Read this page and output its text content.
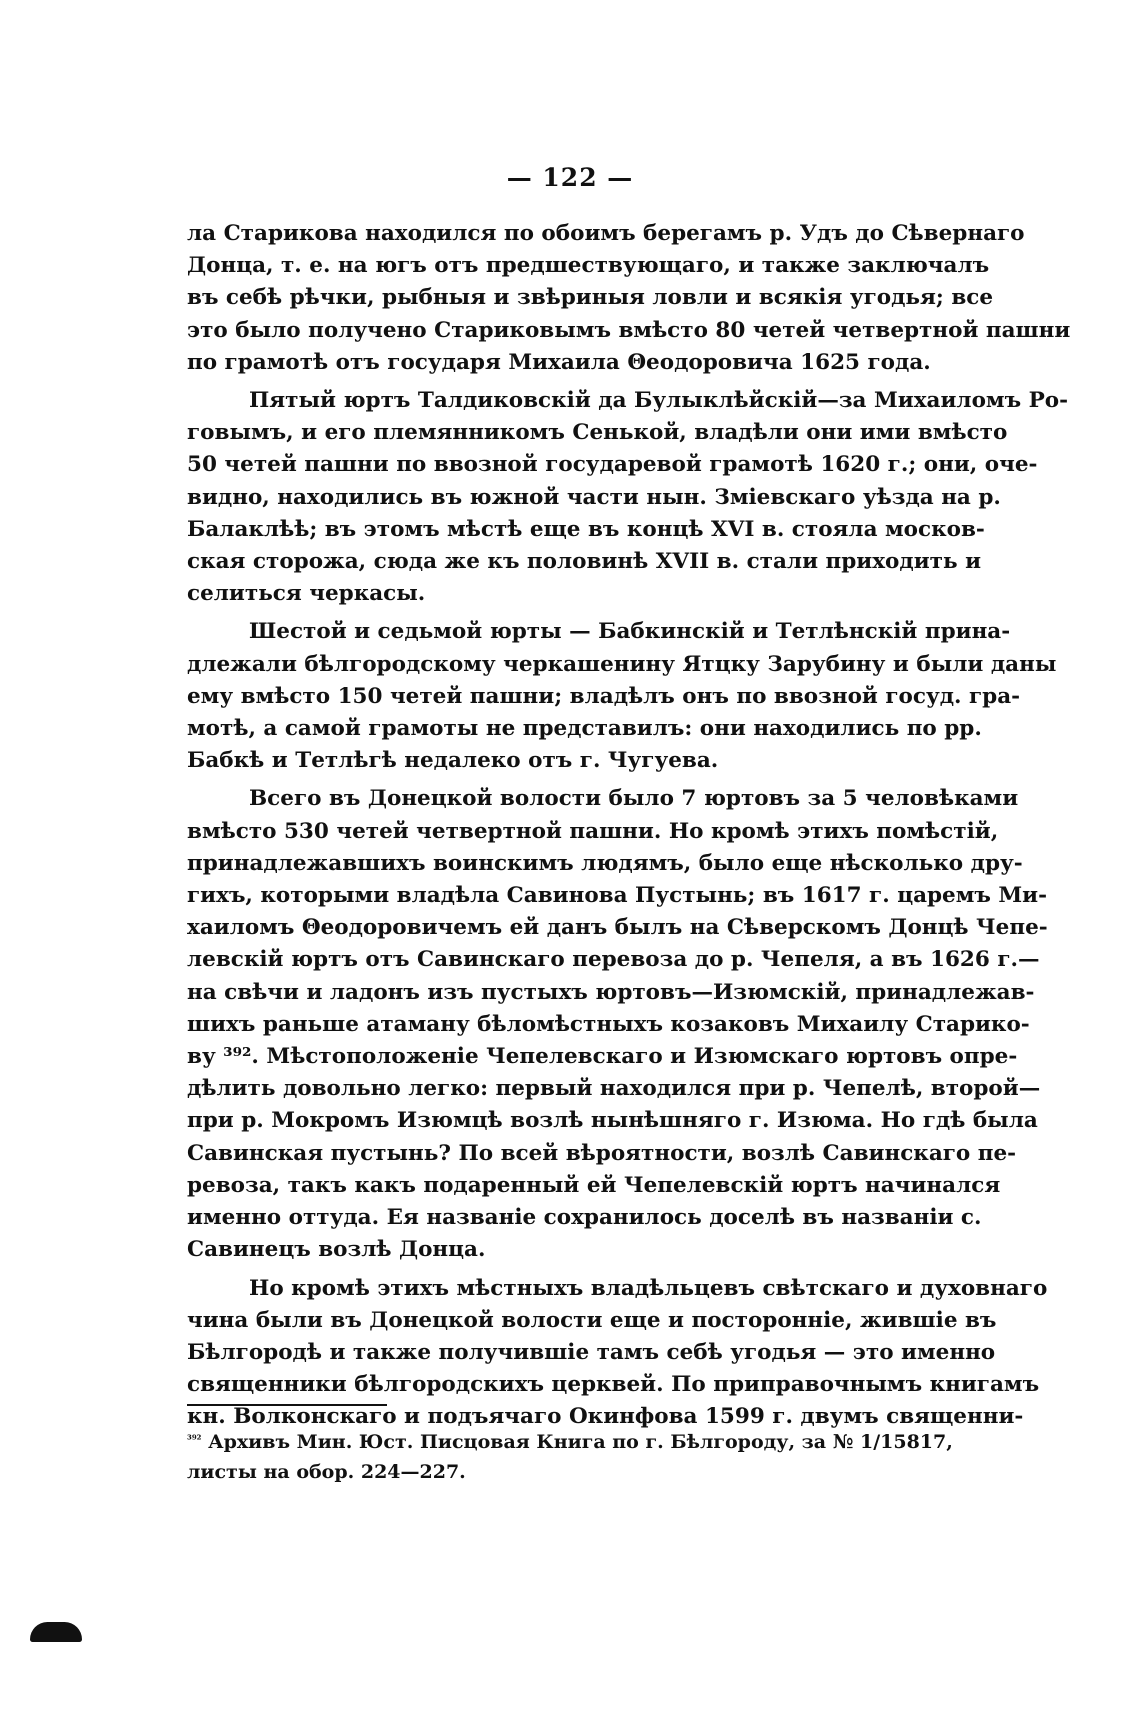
— 122 —
ла Старикова находился по обоимъ берегамъ р. Удъ до Сѣвернаго
Донца, т. е. на югъ отъ предшествующаго, и также заключалъ
въ себѣ рѣчки, рыбныя и звѣриныя ловли и всякія угодья; все
это было получено Стариковымъ вмѣсто 80 четей четвертной пашни
по грамотѣ отъ государя Михаила Θеодоровича 1625 года.
Пятый юртъ Талдиковскій да Булыклѣйскій—за Михаиломъ Ро-
говымъ, и его племянникомъ Сенькой, владѣли они ими вмѣсто
50 четей пашни по ввозной государевой грамотѣ 1620 г.; они, оче-
видно, находились въ южной части нын. Зміевскаго уѣзда на р.
Балаклѣѣ; въ этомъ мѣстѣ еще въ концѣ XVI в. стояла москов-
ская сторожа, сюда же къ половинѣ XVII в. стали приходить и
селиться черкасы.
Шестой и седьмой юрты — Бабкинскій и Тетлѣнскій прина-
длежали бѣлгородскому черкашенину Ятцку Зарубину и были даны
ему вмѣсто 150 четей пашни; владѣлъ онъ по ввозной госуд. гра-
мотѣ, а самой грамоты не представилъ: они находились по рр.
Бабкѣ и Тетлѣгѣ недалеко отъ г. Чугуева.
Всего въ Донецкой волости было 7 юртовъ за 5 человѣками
вмѣсто 530 четей четвертной пашни. Но кромѣ этихъ помѣстій,
принадлежавшихъ воинскимъ людямъ, было еще нѣсколько дру-
гихъ, которыми владѣла Савинова Пустынь; въ 1617 г. царемъ Ми-
хаиломъ Θеодоровичемъ ей данъ былъ на Сѣверскомъ Донцѣ Чепе-
левскій юртъ отъ Савинскаго перевоза до р. Чепеля, а въ 1626 г.—
на свѣчи и ладонъ изъ пустыхъ юртовъ—Изюмскій, принадлежав-
шихъ раньше атаману бѣломѣстныхъ козаковъ Михаилу Старико-
ву ³⁹². Мѣстоположеніе Чепелевскаго и Изюмскаго юртовъ опре-
дѣлить довольно легко: первый находился при р. Чепелѣ, второй—
при р. Мокромъ Изюмцѣ возлѣ нынѣшняго г. Изюма. Но гдѣ была
Савинская пустынь? По всей вѣроятности, возлѣ Савинскаго пе-
ревоза, такъ какъ подаренный ей Чепелевскій юртъ начинался
именно оттуда. Ея названіе сохранилось доселѣ въ названіи с.
Савинецъ возлѣ Донца.
Но кромѣ этихъ мѣстныхъ владѣльцевъ свѣтскаго и духовнаго
чина были въ Донецкой волости еще и посторонніе, жившіе въ
Бѣлгородѣ и также получившіе тамъ себѣ угодья — это именно
священники бѣлгородскихъ церквей. По приправочнымъ книгамъ
кн. Волконскаго и подъячаго Окинфова 1599 г. двумъ священни-
$^{^{392}}$ Архивъ Мин. Юст. Писцовая Книга по г. Бѣлгороду, за № 1/15817,
листы на обор. 224—227.
